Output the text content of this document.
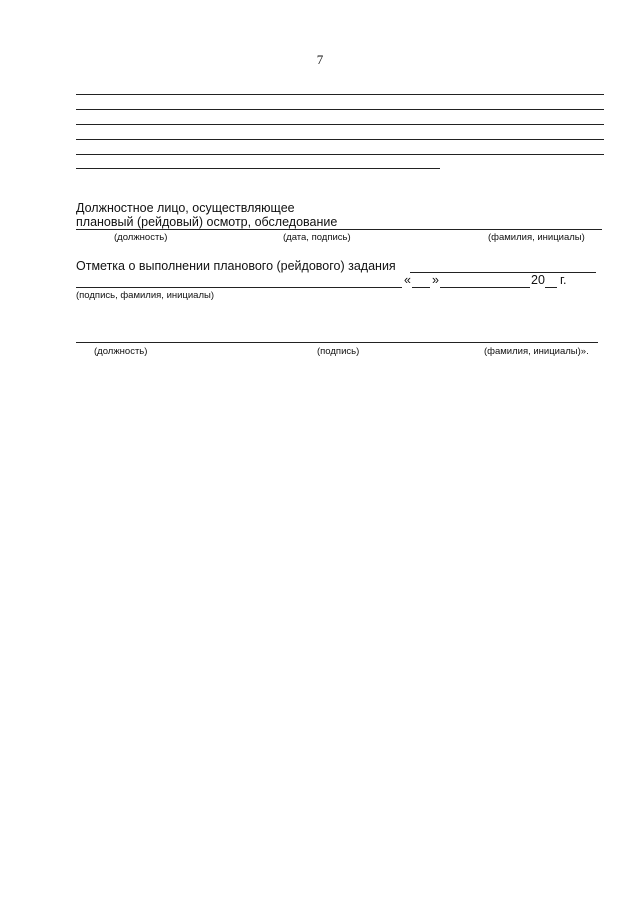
7
Должностное лицо, осуществляющее
плановый (рейдовый) осмотр, обследование
(должность)	(дата, подпись)	(фамилия, инициалы)
Отметка о выполнении планового (рейдового) задания
« »	20 г.
(подпись, фамилия, инициалы)
(должность)	(подпись)	(фамилия, инициалы)».
